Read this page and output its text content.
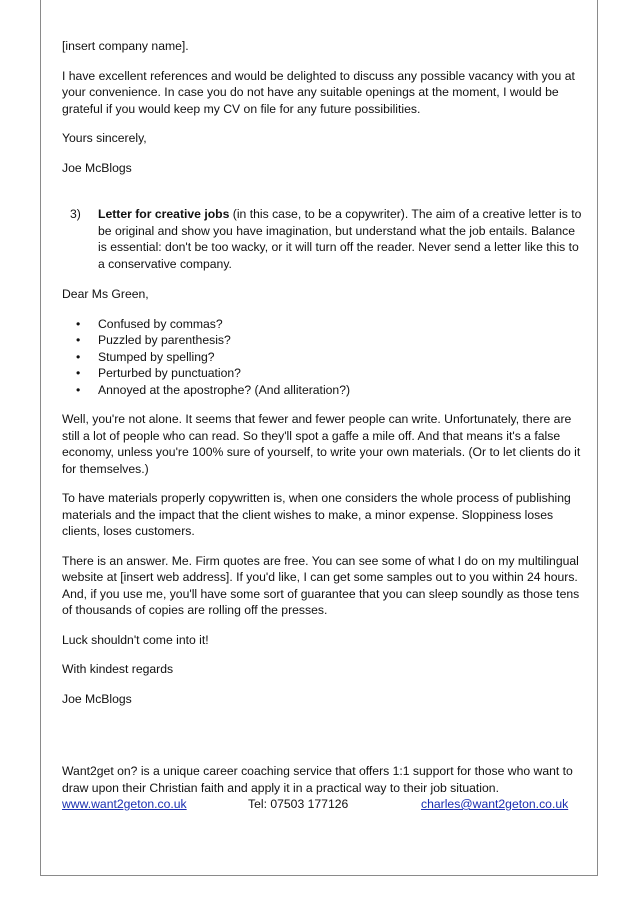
[insert company name].

I have excellent references and would be delighted to discuss any possible vacancy with you at your convenience. In case you do not have any suitable openings at the moment, I would be grateful if you would keep my CV on file for any future possibilities.

Yours sincerely,

Joe McBlogs

3)	Letter for creative jobs (in this case, to be a copywriter). The aim of a creative letter is to be original and show you have imagination, but understand what the job entails. Balance is essential: don't be too wacky, or it will turn off the reader. Never send a letter like this to a conservative company.

Dear Ms Green,

•	Confused by commas?
•	Puzzled by parenthesis?
•	Stumped by spelling?
•	Perturbed by punctuation?
•	Annoyed at the apostrophe? (And alliteration?)

Well, you're not alone. It seems that fewer and fewer people can write. Unfortunately, there are still a lot of people who can read. So they'll spot a gaffe a mile off. And that means it's a false economy, unless you're 100% sure of yourself, to write your own materials. (Or to let clients do it for themselves.)

To have materials properly copywritten is, when one considers the whole process of publishing materials and the impact that the client wishes to make, a minor expense. Sloppiness loses clients, loses customers.

There is an answer. Me. Firm quotes are free. You can see some of what I do on my multilingual website at [insert web address]. If you'd like, I can get some samples out to you within 24 hours. And, if you use me, you'll have some sort of guarantee that you can sleep soundly as those tens of thousands of copies are rolling off the presses.

Luck shouldn't come into it!

With kindest regards

Joe McBlogs

Want2get on? is a unique career coaching service that offers 1:1 support for those who want to draw upon their Christian faith and apply it in a practical way to their job situation.
www.want2geton.co.uk	Tel: 07503 177126	charles@want2geton.co.uk
